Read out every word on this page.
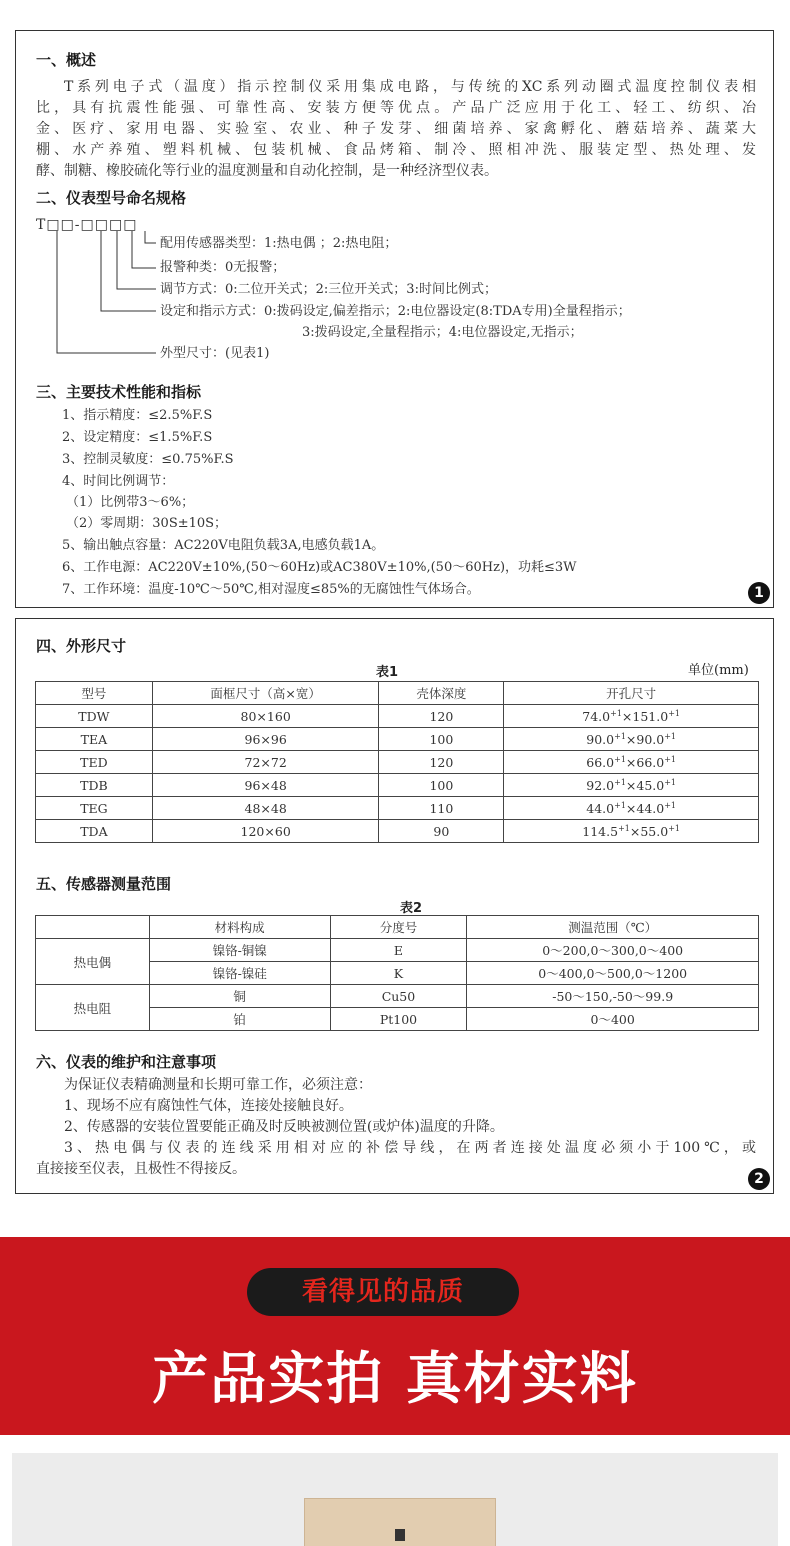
一、概述
T系列电子式（温度）指示控制仪采用集成电路，与传统的XC系列动圈式温度控制仪表相
比，具有抗震性能强、可靠性高、安装方便等优点。产品广泛应用于化工、轻工、纺织、冶
金、医疗、家用电器、实验室、农业、种子发芽、细菌培养、家禽孵化、蘑菇培养、蔬菜大
棚、水产养殖、塑料机械、包装机械、食品烤箱、制冷、照相冲洗、服装定型、热处理、发
酵、制糖、橡胶硫化等行业的温度测量和自动化控制，是一种经济型仪表。
二、仪表型号命名规格
T□□-□□□□
配用传感器类型：1:热电偶 ；2:热电阻；
报警种类：0无报警；
调节方式：0:二位开关式；2:三位开关式；3:时间比例式；
设定和指示方式：0:拨码设定,偏差指示；2:电位器设定(8:TDA专用)全量程指示；
3:拨码设定,全量程指示；4:电位器设定,无指示；
外型尺寸：(见表1)
三、主要技术性能和指标
1、指示精度：≤2.5%F.S
2、设定精度：≤1.5%F.S
3、控制灵敏度：≤0.75%F.S
4、时间比例调节：
（1）比例带3～6%；
（2）零周期：30S±10S；
5、输出触点容量：AC220V电阻负载3A,电感负载1A。
6、工作电源：AC220V±10%,(50～60Hz)或AC380V±10%,(50～60Hz)，功耗≤3W
7、工作环境：温度-10℃～50℃,相对湿度≤85%的无腐蚀性气体场合。	1
四、外形尺寸
表1	单位(mm)
型号	面框尺寸（高×宽）	壳体深度	开孔尺寸
TDW	80×160	120	$74.0^{+1}\times 151.0^{+1}$
TEA	96×96	100	$90.0^{+1}\times 90.0^{+1}$
TED	72×72	120	$66.0^{+1}\times 66.0^{+1}$
TDB	96×48	100	$92.0^{+1}\times 45.0^{+1}$
TEG	48×48	110	$44.0^{+1}\times 44.0^{+1}$
TDA	120×60	90	$114.5^{+1}\times 55.0^{+1}$
五、传感器测量范围
表2
	材料构成	分度号	测温范围（℃）
热电偶	镍铬-铜镍	E	0～200,0～300,0～400
	镍铬-镍硅	K	0～400,0～500,0～1200
热电阻	铜	Cu50	-50～150,-50～99.9
	铂	Pt100	0～400
六、仪表的维护和注意事项
为保证仪表精确测量和长期可靠工作，必须注意：
1、现场不应有腐蚀性气体，连接处接触良好。
2、传感器的安装位置要能正确及时反映被测位置(或炉体)温度的升降。
3、热电偶与仪表的连线采用相对应的补偿导线，在两者连接处温度必须小于100℃，或
直接接至仪表，且极性不得接反。
2
看得见的品质
产品实拍 真材实料
